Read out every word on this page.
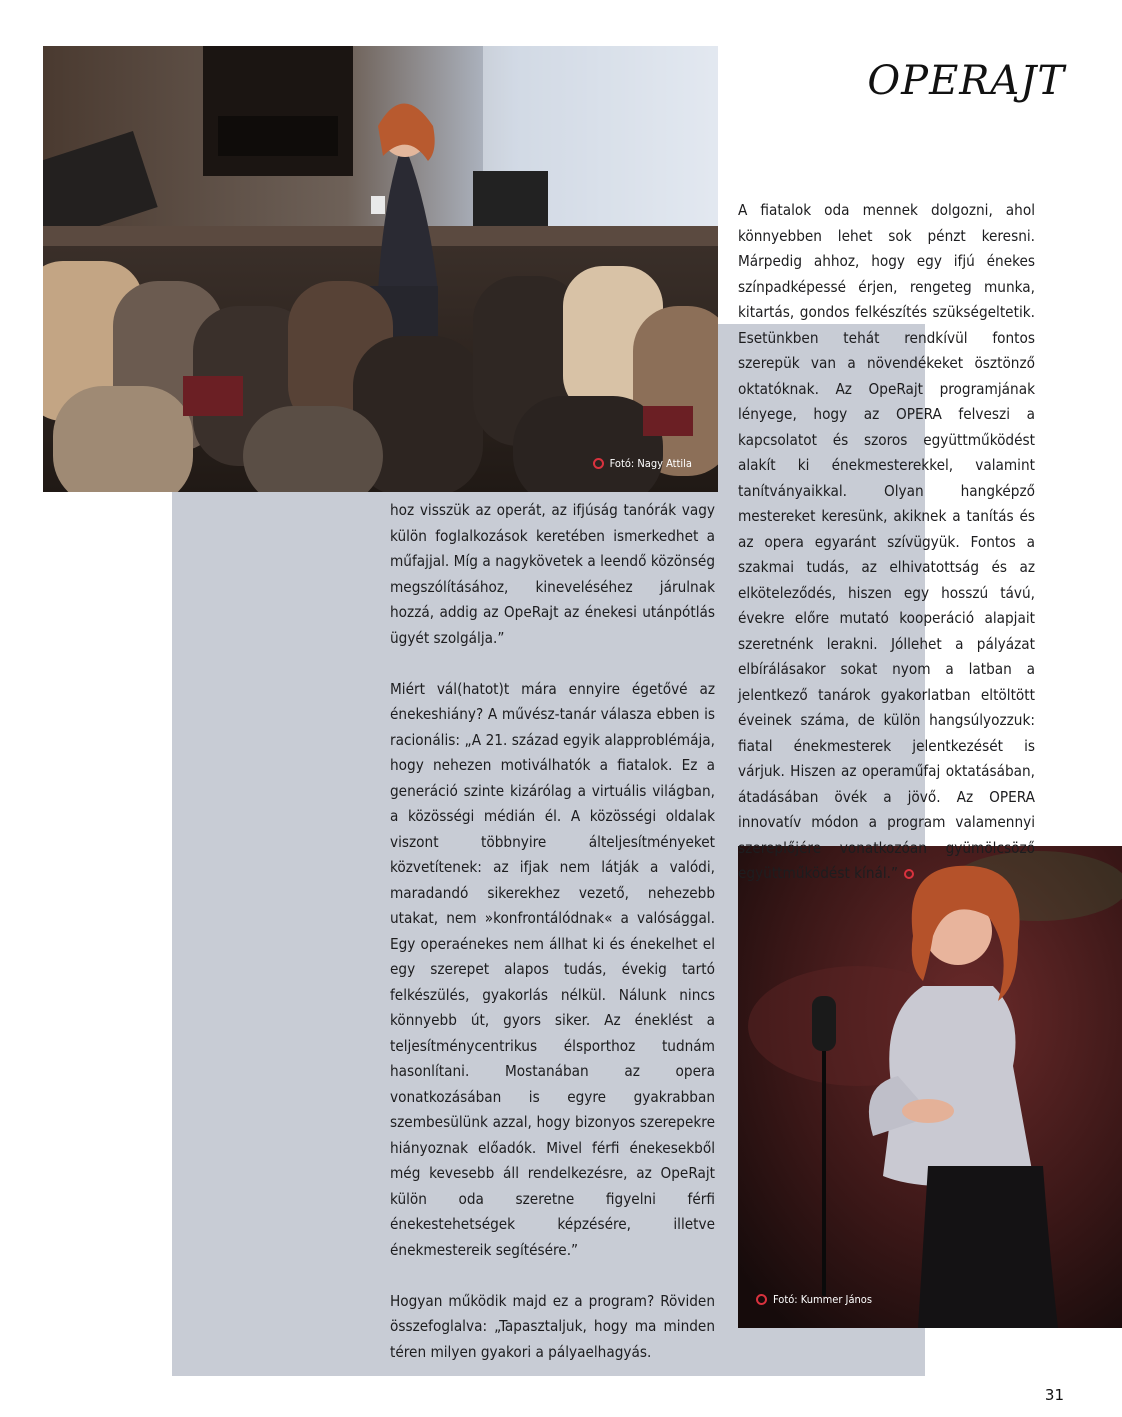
OPERAJT
Fotó: Nagy Attila
Fotó: Kummer János

hoz visszük az operát, az ifjúság tanórák vagy külön foglalkozások keretében ismerkedhet a műfajjal. Míg a nagykövetek a leendő közönség megszólításához, kineveléséhez járulnak hozzá, addig az OpeRajt az énekesi utánpótlás ügyét szolgálja.”

Miért vál(hatot)t mára ennyire égetővé az énekeshiány? A művész-tanár válasza ebben is racionális: „A 21. század egyik alapproblémája, hogy nehezen motiválhatók a fiatalok. Ez a generáció szinte kizárólag a virtuális világban, a közösségi médián él. A közösségi oldalak viszont többnyire álteljesítményeket közvetítenek: az ifjak nem látják a valódi, maradandó sikerekhez vezető, nehezebb utakat, nem »konfrontálódnak« a valósággal. Egy operaénekes nem állhat ki és énekelhet el egy szerepet alapos tudás, évekig tartó felkészülés, gyakorlás nélkül. Nálunk nincs könnyebb út, gyors siker. Az éneklést a teljesítménycentrikus élsporthoz tudnám hasonlítani. Mostanában az opera vonatkozásában is egyre gyakrabban szembesülünk azzal, hogy bizonyos szerepekre hiányoznak előadók. Mivel férfi énekesekből még kevesebb áll rendelkezésre, az OpeRajt külön oda szeretne figyelni férfi énekestehetségek képzésére, illetve énekmestereik segítésére.”

Hogyan működik majd ez a program? Röviden összefoglalva: „Tapasztaljuk, hogy ma minden téren milyen gyakori a pályaelhagyás.

A fiatalok oda mennek dolgozni, ahol könnyebben lehet sok pénzt keresni. Márpedig ahhoz, hogy egy ifjú énekes színpadképessé érjen, rengeteg munka, kitartás, gondos felkészítés szükségeltetik. Esetünkben tehát rendkívül fontos szerepük van a növendékeket ösztönző oktatóknak. Az OpeRajt programjának lényege, hogy az OPERA felveszi a kapcsolatot és szoros együttműködést alakít ki énekmesterekkel, valamint tanítványaikkal. Olyan hangképző mestereket keresünk, akiknek a tanítás és az opera egyaránt szívügyük. Fontos a szakmai tudás, az elhivatottság és az elköteleződés, hiszen egy hosszú távú, évekre előre mutató kooperáció alapjait szeretnénk lerakni. Jóllehet a pályázat elbírálásakor sokat nyom a latban a jelentkező tanárok gyakorlatban eltöltött éveinek száma, de külön hangsúlyozzuk: fiatal énekmesterek jelentkezését is várjuk. Hiszen az operaműfaj oktatásában, átadásában övék a jövő. Az OPERA innovatív módon a program valamennyi szereplőjére vonatkozóan gyümölcsöző együttműködést kínál.”

31
